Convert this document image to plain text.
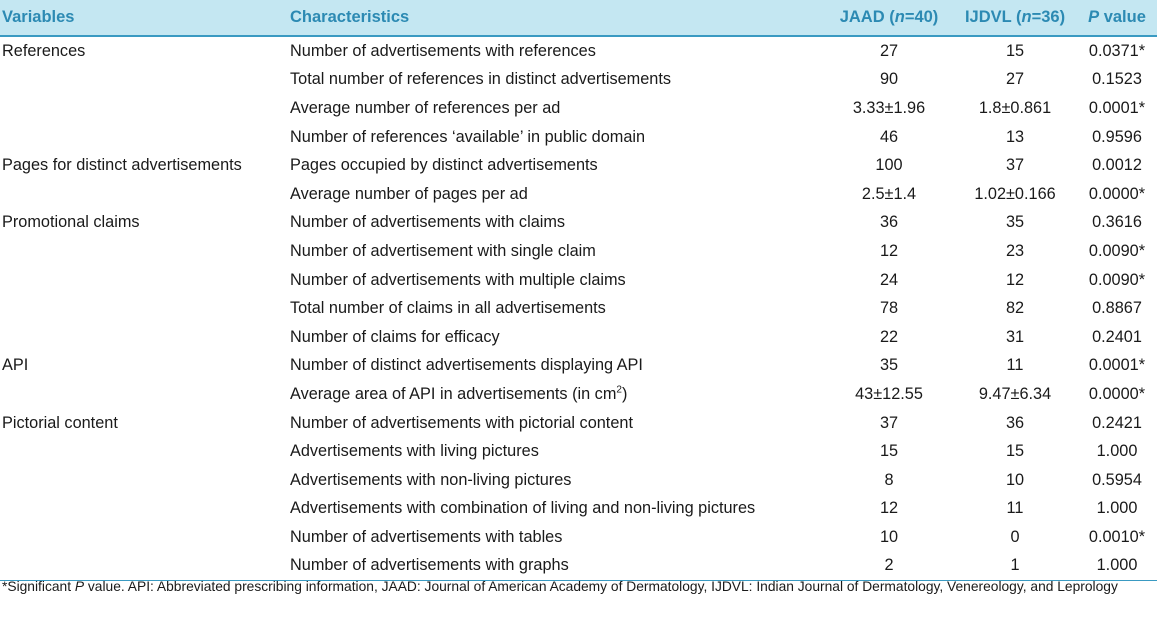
Variables	Characteristics	JAAD (n=40)	IJDVL (n=36)	P value
References	Number of advertisements with references	27	15	0.0371*
	Total number of references in distinct advertisements	90	27	0.1523
	Average number of references per ad	3.33±1.96	1.8±0.861	0.0001*
	Number of references ‘available’ in public domain	46	13	0.9596
Pages for distinct advertisements	Pages occupied by distinct advertisements	100	37	0.0012
	Average number of pages per ad	2.5±1.4	1.02±0.166	0.0000*
Promotional claims	Number of advertisements with claims	36	35	0.3616
	Number of advertisement with single claim	12	23	0.0090*
	Number of advertisements with multiple claims	24	12	0.0090*
	Total number of claims in all advertisements	78	82	0.8867
	Number of claims for efficacy	22	31	0.2401
API	Number of distinct advertisements displaying API	35	11	0.0001*
	Average area of API in advertisements (in $cm^2$)	43±12.55	9.47±6.34	0.0000*
Pictorial content	Number of advertisements with pictorial content	37	36	0.2421
	Advertisements with living pictures	15	15	1.000
	Advertisements with non-living pictures	8	10	0.5954
	Advertisements with combination of living and non-living pictures	12	11	1.000
	Number of advertisements with tables	10	0	0.0010*
	Number of advertisements with graphs	2	1	1.000
*Significant P value. API: Abbreviated prescribing information, JAAD: Journal of American Academy of Dermatology, IJDVL: Indian Journal of Dermatology, Venereology, and Leprology
